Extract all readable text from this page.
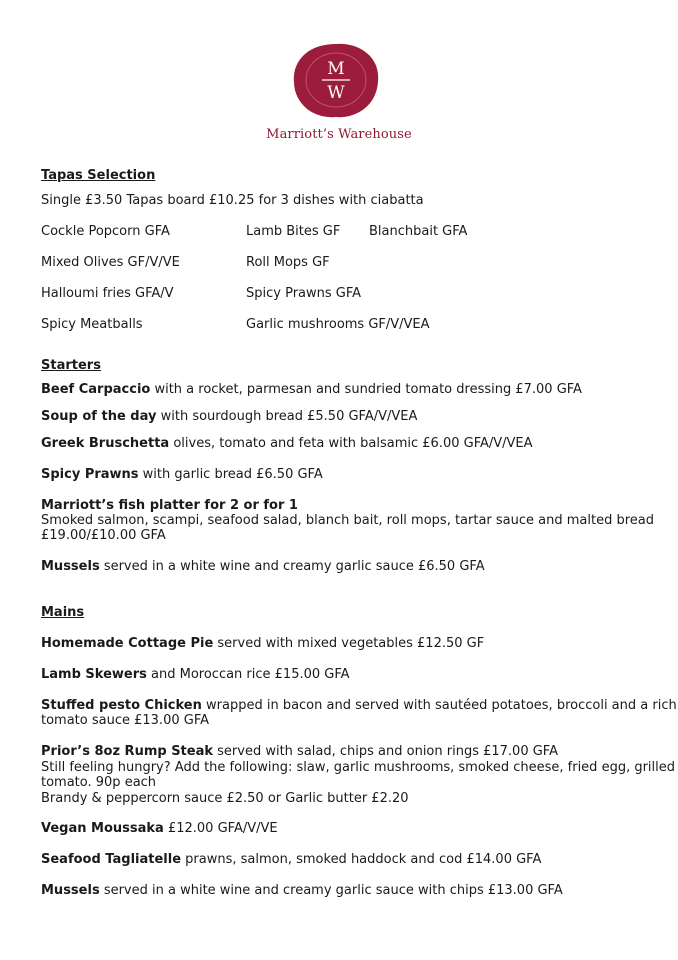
M
W
Marriott’s Warehouse
Tapas Selection
Single £3.50 Tapas board £10.25 for 3 dishes with ciabatta
Cockle Popcorn GFA	Lamb Bites GF Blanchbait GFA
Mixed Olives GF/V/VE	Roll Mops GF
Halloumi fries GFA/V	Spicy Prawns GFA
Spicy Meatballs	Garlic mushrooms GF/V/VEA
Starters
Beef Carpaccio with a rocket, parmesan and sundried tomato dressing £7.00 GFA
Soup of the day with sourdough bread £5.50 GFA/V/VEA
Greek Bruschetta olives, tomato and feta with balsamic £6.00 GFA/V/VEA
Spicy Prawns with garlic bread £6.50 GFA
Marriott’s fish platter for 2 or for 1
Smoked salmon, scampi, seafood salad, blanch bait, roll mops, tartar sauce and malted bread
£19.00/£10.00 GFA
Mussels served in a white wine and creamy garlic sauce £6.50 GFA
Mains
Homemade Cottage Pie served with mixed vegetables £12.50 GF
Lamb Skewers and Moroccan rice £15.00 GFA
Stuffed pesto Chicken wrapped in bacon and served with sautéed potatoes, broccoli and a rich
tomato sauce £13.00 GFA
Prior’s 8oz Rump Steak served with salad, chips and onion rings £17.00 GFA
Still feeling hungry? Add the following: slaw, garlic mushrooms, smoked cheese, fried egg, grilled
tomato. 90p each
Brandy & peppercorn sauce £2.50 or Garlic butter £2.20
Vegan Moussaka £12.00 GFA/V/VE
Seafood Tagliatelle prawns, salmon, smoked haddock and cod £14.00 GFA
Mussels served in a white wine and creamy garlic sauce with chips £13.00 GFA
